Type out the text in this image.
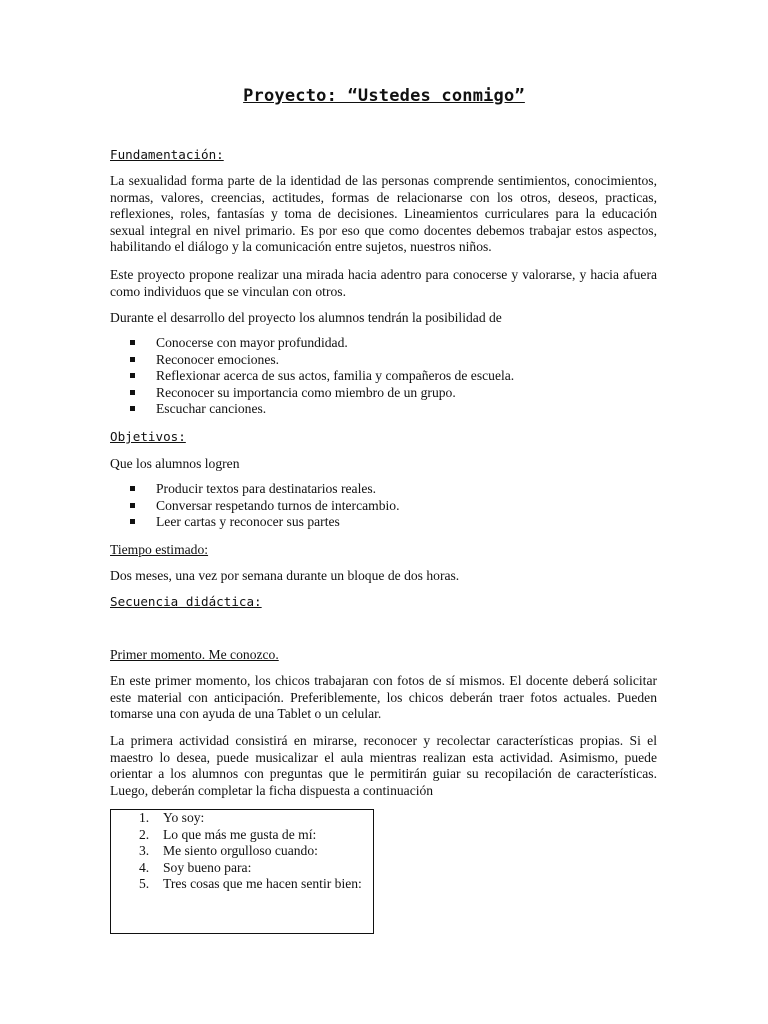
Proyecto: “Ustedes conmigo”
Fundamentación:

La sexualidad forma parte de la identidad de las personas comprende sentimientos, conocimientos, normas, valores, creencias, actitudes, formas de relacionarse con los otros, deseos, practicas, reflexiones, roles, fantasías y toma de decisiones. Lineamientos curriculares para la educación sexual integral en nivel primario. Es por eso que como docentes debemos trabajar estos aspectos, habilitando el diálogo y la comunicación entre sujetos, nuestros niños.

Este proyecto propone realizar una mirada hacia adentro para conocerse y valorarse, y hacia afuera como individuos que se vinculan con otros.

Durante el desarrollo del proyecto los alumnos tendrán la posibilidad de

Conocerse con mayor profundidad.
Reconocer emociones.
Reflexionar acerca de sus actos, familia y compañeros de escuela.
Reconocer su importancia como miembro de un grupo.
Escuchar canciones.
Objetivos:
Que los alumnos logren
Producir textos para destinatarios reales.
Conversar respetando turnos de intercambio.
Leer cartas y reconocer sus partes
Tiempo estimado:
Dos meses, una vez por semana durante un bloque de dos horas.
Secuencia didáctica:
Primer momento. Me conozco.

En este primer momento, los chicos trabajaran con fotos de sí mismos. El docente deberá solicitar este material con anticipación. Preferiblemente, los chicos deberán traer fotos actuales. Pueden tomarse una con ayuda de una Tablet o un celular.

La primera actividad consistirá en mirarse, reconocer y recolectar características propias. Si el maestro lo desea, puede musicalizar el aula mientras realizan esta actividad. Asimismo, puede orientar a los alumnos con preguntas que le permitirán guiar su recopilación de características. Luego, deberán completar la ficha dispuesta a continuación

1. Yo soy:
2. Lo que más me gusta de mí:
3. Me siento orgulloso cuando:
4. Soy bueno para:
5. Tres cosas que me hacen sentir bien:
